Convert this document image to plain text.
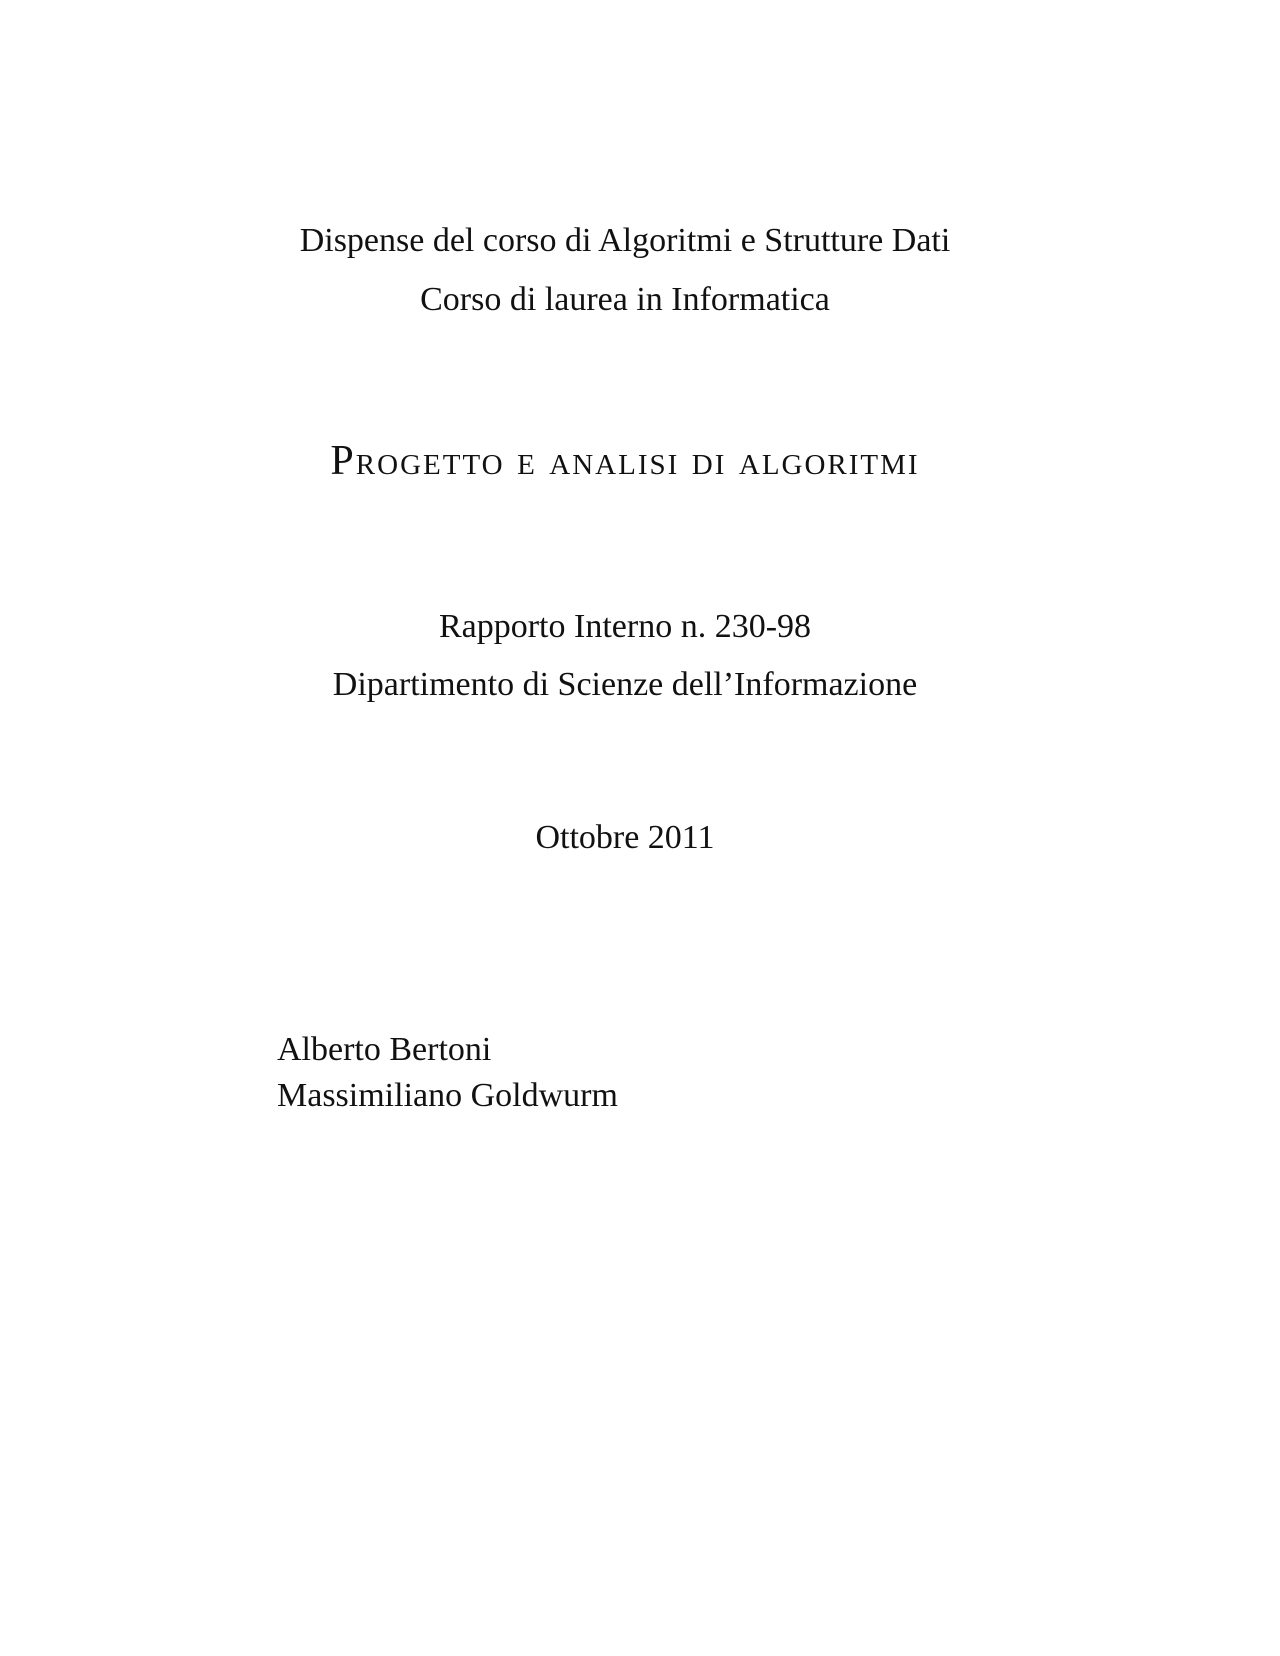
Dispense del corso di Algoritmi e Strutture Dati
Corso di laurea in Informatica
Progetto e analisi di algoritmi
Rapporto Interno n. 230-98
Dipartimento di Scienze dell’Informazione
Ottobre 2011
Alberto Bertoni
Massimiliano Goldwurm
